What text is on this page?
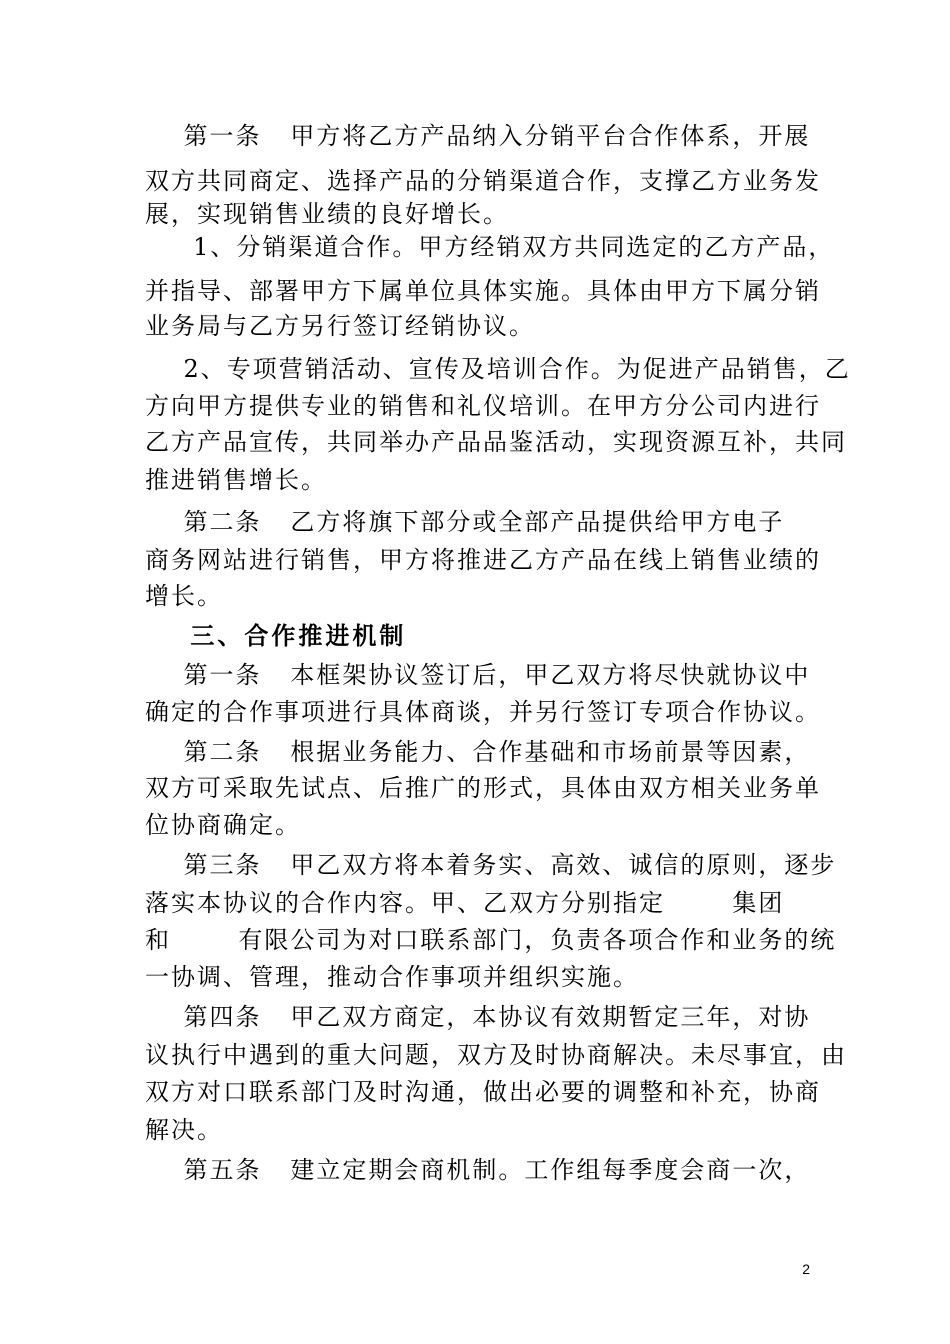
第一条   甲方将乙方产品纳入分销平台合作体系，开展
双方共同商定、选择产品的分销渠道合作，支撑乙方业务发
展，实现销售业绩的良好增长。
1、分销渠道合作。甲方经销双方共同选定的乙方产品，
并指导、部署甲方下属单位具体实施。具体由甲方下属分销
业务局与乙方另行签订经销协议。
2、专项营销活动、宣传及培训合作。为促进产品销售，乙
方向甲方提供专业的销售和礼仪培训。在甲方分公司内进行
乙方产品宣传，共同举办产品品鉴活动，实现资源互补，共同
推进销售增长。
第二条   乙方将旗下部分或全部产品提供给甲方电子
商务网站进行销售，甲方将推进乙方产品在线上销售业绩的
增长。
三、合作推进机制
第一条   本框架协议签订后，甲乙双方将尽快就协议中
确定的合作事项进行具体商谈，并另行签订专项合作协议。
第二条   根据业务能力、合作基础和市场前景等因素，
双方可采取先试点、后推广的形式，具体由双方相关业务单
位协商确定。
第三条   甲乙双方将本着务实、高效、诚信的原则，逐步
落实本协议的合作内容。甲、乙双方分别指定       集团
和       有限公司为对口联系部门，负责各项合作和业务的统
一协调、管理，推动合作事项并组织实施。
第四条   甲乙双方商定，本协议有效期暂定三年，对协
议执行中遇到的重大问题，双方及时协商解决。未尽事宜，由
双方对口联系部门及时沟通，做出必要的调整和补充，协商
解决。
第五条   建立定期会商机制。工作组每季度会商一次，
2
